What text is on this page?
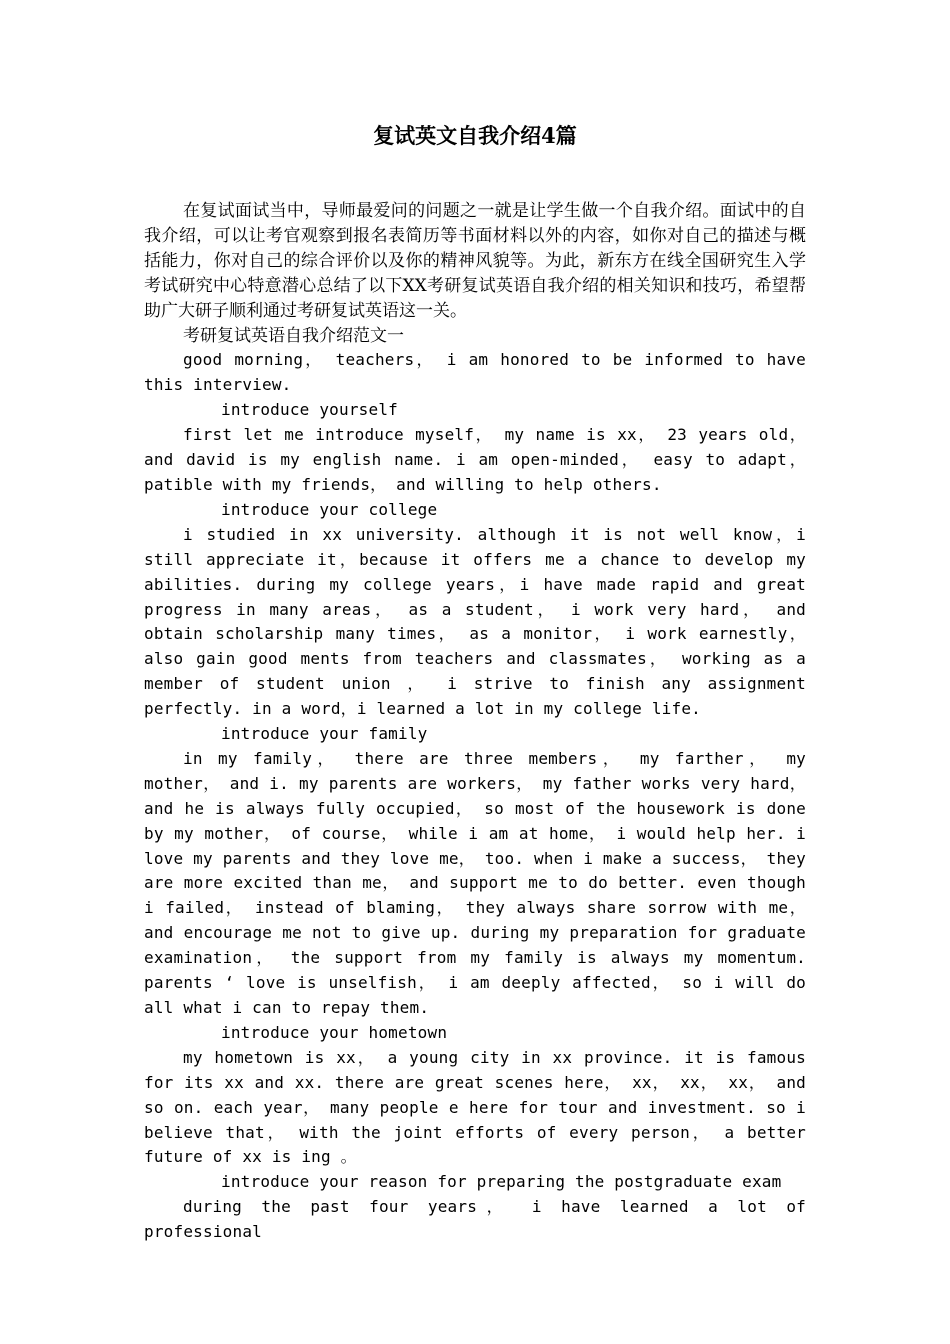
复试英文自我介绍4篇

在复试面试当中，导师最爱问的问题之一就是让学生做一个自我介绍。面试中的自我介绍，可以让考官观察到报名表简历等书面材料以外的内容，如你对自己的描述与概括能力，你对自己的综合评价以及你的精神风貌等。为此，新东方在线全国研究生入学考试研究中心特意潜心总结了以下XX考研复试英语自我介绍的相关知识和技巧，希望帮助广大研子顺利通过考研复试英语这一关。

考研复试英语自我介绍范文一

good morning， teachers， i am honored to be informed to have this interview.

introduce yourself

first let me introduce myself， my name is xx， 23 years old， and david is my english name. i am open-minded， easy to adapt， patible with my friends， and willing to help others.

introduce your college

i studied in xx university. although it is not well know，i still appreciate it，because it offers me a chance to develop my abilities. during my college years，i have made rapid and great progress in many areas， as a student， i work very hard， and obtain scholarship many times， as a monitor， i work earnestly， also gain good ments from teachers and classmates， working as a member of student union ， i strive to finish any assignment perfectly. in a word，i learned a lot in my college life.

introduce your family

in my family， there are three members， my farther， my mother， and i. my parents are workers， my father works very hard， and he is always fully occupied， so most of the housework is done by my mother， of course， while i am at home， i would help her. i love my parents and they love me， too. when i make a success， they are more excited than me， and support me to do better. even though i failed， instead of blaming， they always share sorrow with me， and encourage me not to give up. during my preparation for graduate examination， the support from my family is always my momentum. parents ‘ love is unselfish， i am deeply affected， so i will do all what i can to repay them.

introduce your hometown

my hometown is xx， a young city in xx province. it is famous for its xx and xx. there are great scenes here， xx， xx， xx， and so on. each year， many people e here for tour and investment. so i believe that， with the joint efforts of every person， a better future of xx is ing 。

introduce your reason for preparing the postgraduate exam

during the past four years， i have learned a lot of professional
